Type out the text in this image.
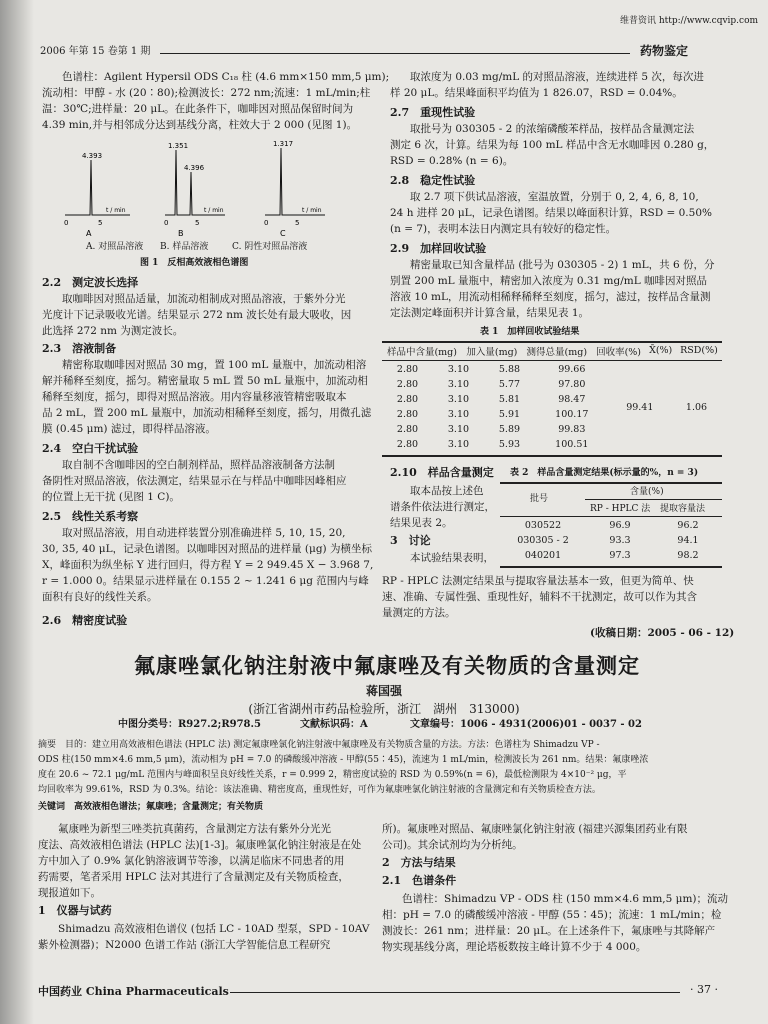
维普资讯 http://www.cqvip.com
2006 年第 15 卷第 1 期	药物鉴定
色谱柱：Agilent Hypersil ODS C₁₈ 柱 (4.6 mm×150 mm,5 μm);
流动相：甲醇 - 水 (20∶80);检测波长：272 nm;流速：1 mL/min;柱
温：30℃;进样量：20 μL。在此条件下，咖啡因对照品保留时间为
4.39 min,并与相邻成分达到基线分离，柱效大于 2 000 (见图 1)。
4.393
1.351
4.396
1.317
0	5
t / min
0	5
t / min
0	5
t / min
A	B	C
A. 对照品溶液 B. 样品溶液	C. 阴性对照品溶液
图 1　反相高效液相色谱图
2.2　测定波长选择
取咖啡因对照品适量，加流动相制成对照品溶液，于紫外分光
光度计下记录吸收光谱。结果显示 272 nm 波长处有最大吸收，因
此选择 272 nm 为测定波长。
2.3　溶液制备
精密称取咖啡因对照品 30 mg，置 100 mL 量瓶中，加流动相溶
解并稀释至刻度，摇匀。精密量取 5 mL 置 50 mL 量瓶中，加流动相
稀释至刻度，摇匀，即得对照品溶液。用内容量移液管精密吸取本
品 2 mL，置 200 mL 量瓶中，加流动相稀释至刻度，摇匀，用微孔滤
膜 (0.45 μm) 滤过，即得样品溶液。
2.4　空白干扰试验
取自制不含咖啡因的空白制剂样品，照样品溶液制备方法制
备阴性对照品溶液，依法测定，结果显示在与样品中咖啡因峰相应
的位置上无干扰 (见图 1 C)。
2.5　线性关系考察
取对照品溶液，用自动进样装置分别准确进样 5, 10, 15, 20,
30, 35, 40 μL，记录色谱图。以咖啡因对照品的进样量 (μg) 为横坐标
X，峰面积为纵坐标 Y 进行回归，得方程 Y = 2 949.45 X − 3.968 7,
r = 1.000 0。结果显示进样量在 0.155 2 ~ 1.241 6 μg 范围内与峰
面积有良好的线性关系。
2.6　精密度试验
取浓度为 0.03 mg/mL 的对照品溶液，连续进样 5 次，每次进
样 20 μL。结果峰面积平均值为 1 826.07，RSD = 0.04%。
2.7　重现性试验
取批号为 030305 - 2 的浓缩磷酸苯样品，按样品含量测定法
测定 6 次，计算。结果为每 100 mL 样品中含无水咖啡因 0.280 g，
RSD = 0.28% (n = 6)。
2.8　稳定性试验
取 2.7 项下供试品溶液，室温放置，分别于 0, 2, 4, 6, 8, 10,
24 h 进样 20 μL，记录色谱图。结果以峰面积计算，RSD = 0.50%
(n = 7)，表明本法日内测定具有较好的稳定性。
2.9　加样回收试验
精密量取已知含量样品 (批号为 030305 - 2) 1 mL，共 6 份，分
别置 200 mL 量瓶中，精密加入浓度为 0.31 mg/mL 咖啡因对照品
溶液 10 mL，用流动相稀释稀释至刻度，摇匀，滤过，按样品含量测
定法测定峰面积并计算含量，结果见表 1。
表 1　加样回收试验结果
样品中含量(mg)	加入量(mg)	测得总量(mg)	回收率(%)	X̄(%)	RSD(%)
2.80	3.10	5.88	99.66	99.41	1.06
2.80	3.10	5.77	97.80		
2.80	3.10	5.81	98.47		
2.80	3.10	5.91	100.17		
2.80	3.10	5.89	99.83		
2.80	3.10	5.93	100.51		
2.10　样品含量测定
取本品按上述色
谱条件依法进行测定，
结果见表 2。
3　讨论
本试验结果表明，
表 2　样品含量测定结果(标示量的%，n = 3)
批号
含量(%)
RP - HPLC 法 提取容量法
030522	96.9	96.2
030305 - 2	93.3	94.1
040201	97.3	98.2
RP - HPLC 法测定结果虽与提取容量法基本一致，但更为简单、快
速、准确、专属性强、重现性好，辅料不干扰测定，故可以作为其含
量测定的方法。
(收稿日期：2005 - 06 - 12)
氟康唑氯化钠注射液中氟康唑及有关物质的含量测定
蒋国强
(浙江省湖州市药品检验所，浙江　湖州　313000)
中图分类号：R927.2;R978.5	文献标识码：A	文章编号：1006 - 4931(2006)01 - 0037 - 02
摘要　目的：建立用高效液相色谱法 (HPLC 法) 测定氟康唑氯化钠注射液中氟康唑及有关物质含量的方法。方法：色谱柱为 Shimadzu VP -
ODS 柱(150 mm×4.6 mm,5 μm)，流动相为 pH = 7.0 的磷酸缓冲溶液 - 甲醇(55∶45)，流速为 1 mL/min，检测波长为 261 nm。结果：氟康唑浓
度在 20.6 ~ 72.1 μg/mL 范围内与峰面积呈良好线性关系，r = 0.999 2，精密度试验的 RSD 为 0.59%(n = 6)，最低检测限为 4×10⁻² μg，平
均回收率为 99.61%，RSD 为 0.3%。结论：该法准确、精密度高，重现性好，可作为氟康唑氯化钠注射液的含量测定和有关物质检查方法。
关键词　高效液相色谱法；氟康唑；含量测定；有关物质
氟康唑为新型三唑类抗真菌药，含量测定方法有紫外分光光
度法、高效液相色谱法 (HPLC 法)[1-3]。氟康唑氯化钠注射液是在处
方中加入了 0.9% 氯化钠溶液调节等渗，以满足临床不同患者的用
药需要，笔者采用 HPLC 法对其进行了含量测定及有关物质检查，
现报道如下。
1　仪器与试药
Shimadzu 高效液相色谱仪 (包括 LC - 10AD 型泵，SPD - 10AV
紫外检测器)；N2000 色谱工作站 (浙江大学智能信息工程研究
所)。氟康唑对照品、氟康唑氯化钠注射液 (福建兴源集团药业有限
公司)。其余试剂均为分析纯。
2　方法与结果
2.1　色谱条件
色谱柱：Shimadzu VP - ODS 柱 (150 mm×4.6 mm,5 μm)；流动
相：pH = 7.0 的磷酸缓冲溶液 - 甲醇 (55∶45)；流速：1 mL/min；检
测波长：261 nm；进样量：20 μL。在上述条件下，氟康唑与其降解产
物实现基线分离，理论塔板数按主峰计算不少于 4 000。
中国药业 China Pharmaceuticals	· 37 ·
